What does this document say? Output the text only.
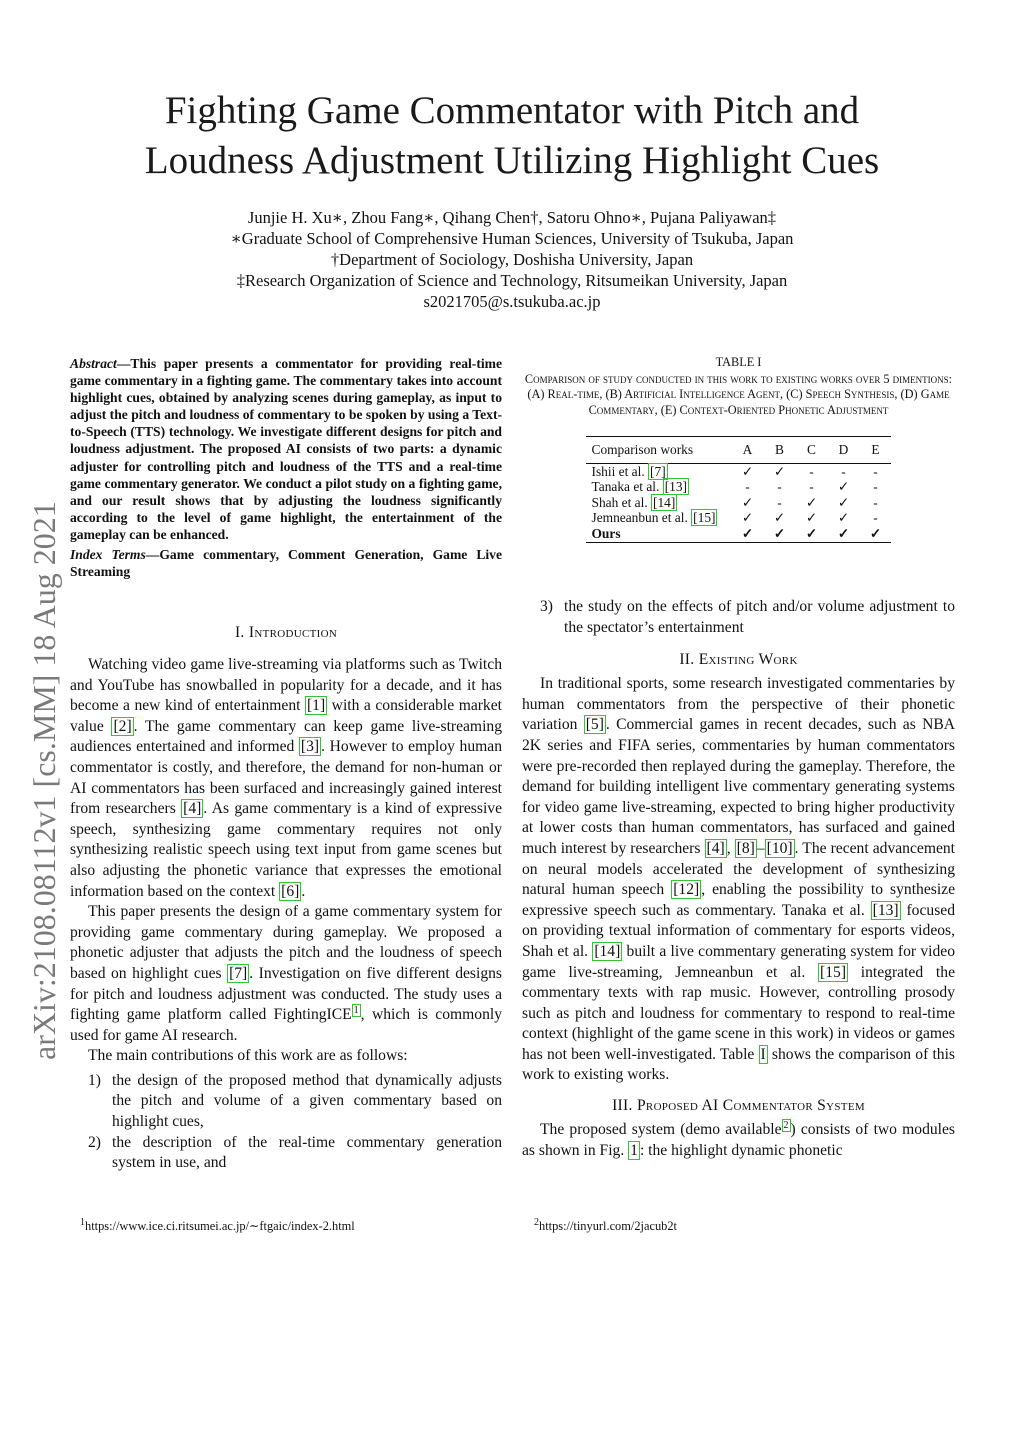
Fighting Game Commentator with Pitch and
Loudness Adjustment Utilizing Highlight Cues
Junjie H. Xu∗, Zhou Fang∗, Qihang Chen†, Satoru Ohno∗, Pujana Paliyawan‡
∗Graduate School of Comprehensive Human Sciences, University of Tsukuba, Japan
†Department of Sociology, Doshisha University, Japan
‡Research Organization of Science and Technology, Ritsumeikan University, Japan
s2021705@s.tsukuba.ac.jp
arXiv:2108.08112v1 [cs.MM] 18 Aug 2021
Abstract—This paper presents a commentator for providing real-time game commentary in a fighting game. The commentary takes into account highlight cues, obtained by analyzing scenes during gameplay, as input to adjust the pitch and loudness of commentary to be spoken by using a Text-to-Speech (TTS) technology. We investigate different designs for pitch and loudness adjustment. The proposed AI consists of two parts: a dynamic adjuster for controlling pitch and loudness of the TTS and a real-time game commentary generator. We conduct a pilot study on a fighting game, and our result shows that by adjusting the loudness significantly according to the level of game highlight, the entertainment of the gameplay can be enhanced.
Index Terms—Game commentary, Comment Generation, Game Live Streaming
I. Introduction

Watching video game live-streaming via platforms such as Twitch and YouTube has snowballed in popularity for a decade, and it has become a new kind of entertainment [1] with a considerable market value [2] . The game commentary can keep game live-streaming audiences entertained and informed [3] . However to employ human commentator is costly, and therefore, the demand for non-human or AI commentators has been surfaced and increasingly gained interest from researchers [4] . As game commentary is a kind of expressive speech, synthesizing game commentary requires not only synthesizing realistic speech using text input from game scenes but also adjusting the phonetic variance that expresses the emotional information based on the context [6] .

This paper presents the design of a game commentary system for providing game commentary during gameplay. We proposed a phonetic adjuster that adjusts the pitch and the loudness of speech based on highlight cues [7] . Investigation on five different designs for pitch and loudness adjustment was conducted. The study uses a fighting game platform called FightingICE $^1$ , which is commonly used for game AI research.

The main contributions of this work are as follows:

1) the design of the proposed method that dynamically adjusts the pitch and volume of a given commentary based on highlight cues,
2) the description of the real-time commentary generation system in use, and
$^1$https://www.ice.ci.ritsumei.ac.jp/∼ftgaic/index-2.html
TABLE I
Comparison of study conducted in this work to existing works over 5 dimentions: (A) Real-time, (B) Artificial Intelligence Agent, (C) Speech Synthesis, (D) Game Commentary, (E) Context-Oriented Phonetic Adjustment
Comparison works	A	B	C	D	E
Ishii et al. [7]	✓	✓	-	-	-
Tanaka et al. [13]	-	-	-	✓	-
Shah et al. [14]	✓	-	✓	✓	-
Jemneanbun et al. [15]	✓	✓	✓	✓	-
Ours	✓	✓	✓	✓	✓
3) the study on the effects of pitch and/or volume adjustment to the spectator’s entertainment
II. Existing Work

In traditional sports, some research investigated commentaries by human commentators from the perspective of their phonetic variation [5] . Commercial games in recent decades, such as NBA 2K series and FIFA series, commentaries by human commentators were pre-recorded then replayed during the gameplay. Therefore, the demand for building intelligent live commentary generating systems for video game live-streaming, expected to bring higher productivity at lower costs than human commentators, has surfaced and gained much interest by researchers [4] , [8] – [10] . The recent advancement on neural models accelerated the development of synthesizing natural human speech [12] , enabling the possibility to synthesize expressive speech such as commentary. Tanaka et al. [13] focused on providing textual information of commentary for esports videos, Shah et al. [14] built a live commentary generating system for video game live-streaming, Jemneanbun et al. [15] integrated the commentary texts with rap music. However, controlling prosody such as pitch and loudness for commentary to respond to real-time context (highlight of the game scene in this work) in videos or games has not been well-investigated. Table I shows the comparison of this work to existing works.

III. Proposed AI Commentator System

The proposed system (demo available $^2$ ) consists of two modules as shown in Fig. 1 : the highlight dynamic phonetic

$^2$https://tinyurl.com/2jacub2t
